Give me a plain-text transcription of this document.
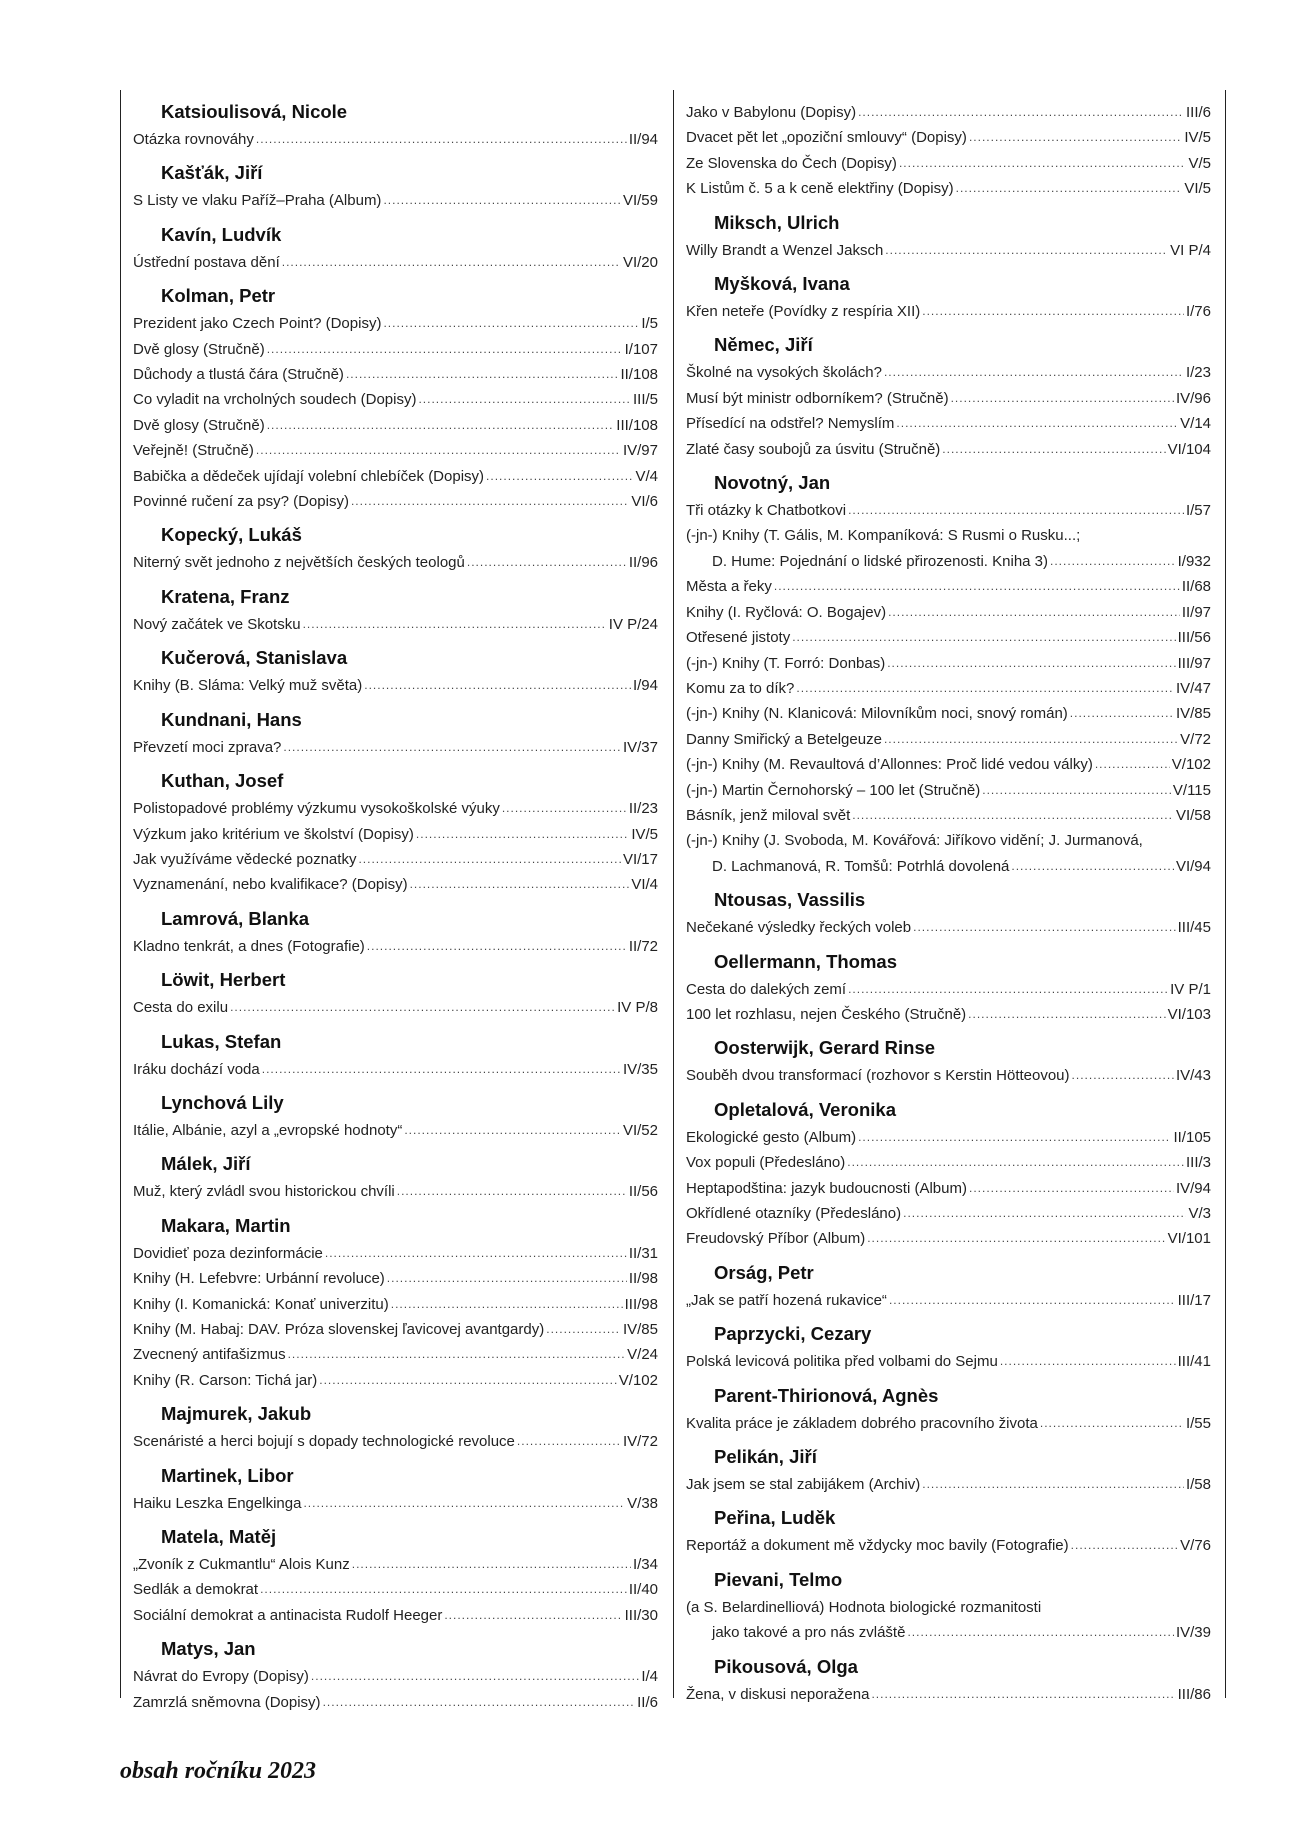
Katsioulisová, Nicole
Otázka rovnováhy .....	II/94
Kašťák, Jiří
S Listy ve vlaku Paříž–Praha (Album) .....	VI/59
Kavín, Ludvík
Ústřední postava dění .....	VI/20
Kolman, Petr
Prezident jako Czech Point? (Dopisy) .....	I/5
Dvě glosy (Stručně) .....	I/107
Důchody a tlustá čára (Stručně) .....	II/108
Co vyladit na vrcholných soudech (Dopisy) .....	III/5
Dvě glosy (Stručně) .....	III/108
Veřejně! (Stručně) .....	IV/97
Babička a dědeček ujídají volební chlebíček (Dopisy) .....	V/4
Povinné ručení za psy? (Dopisy) .....	VI/6
Kopecký, Lukáš
Niterný svět jednoho z největších českých teologů .....	II/96
Kratena, Franz
Nový začátek ve Skotsku .....	IV P/24
Kučerová, Stanislava
Knihy (B. Sláma: Velký muž světa) .....	I/94
Kundnani, Hans
Převzetí moci zprava? .....	IV/37
Kuthan, Josef
Polistopadové problémy výzkumu vysokoškolské výuky .....	II/23
Výzkum jako kritérium ve školství (Dopisy) .....	IV/5
Jak využíváme vědecké poznatky .....	VI/17
Vyznamenání, nebo kvalifikace? (Dopisy) .....	VI/4
Lamrová, Blanka
Kladno tenkrát, a dnes (Fotografie) .....	II/72
Löwit, Herbert
Cesta do exilu .....	IV P/8
Lukas, Stefan
Iráku dochází voda .....	IV/35
Lynchová Lily
Itálie, Albánie, azyl a „evropské hodnoty“ .....	VI/52
Málek, Jiří
Muž, který zvládl svou historickou chvíli .....	II/56
Makara, Martin
Dovidieť poza dezinformácie .....	II/31
Knihy (H. Lefebvre: Urbánní revoluce) .....	II/98
Knihy (I. Komanická: Konať univerzitu) .....	III/98
Knihy (M. Habaj: DAV. Próza slovenskej ľavicovej avantgardy) .....	IV/85
Zvecnený antifašizmus .....	V/24
Knihy (R. Carson: Tichá jar) .....	V/102
Majmurek, Jakub
Scenáristé a herci bojují s dopady technologické revoluce .....	IV/72
Martinek, Libor
Haiku Leszka Engelkinga .....	V/38
Matela, Matěj
„Zvoník z Cukmantlu“ Alois Kunz .....	I/34
Sedlák a demokrat .....	II/40
Sociální demokrat a antinacista Rudolf Heeger .....	III/30
Matys, Jan
Návrat do Evropy (Dopisy) .....	I/4
Zamrzlá sněmovna (Dopisy) .....	II/6
Jako v Babylonu (Dopisy) .....	III/6
Dvacet pět let „opoziční smlouvy“ (Dopisy) .....	IV/5
Ze Slovenska do Čech (Dopisy) .....	V/5
K Listům č. 5 a k ceně elektřiny (Dopisy) .....	VI/5
Miksch, Ulrich
Willy Brandt a Wenzel Jaksch .....	VI P/4
Myšková, Ivana
Křen neteře (Povídky z respíria XII) .....	I/76
Němec, Jiří
Školné na vysokých školách? .....	I/23
Musí být ministr odborníkem? (Stručně) .....	IV/96
Přísedící na odstřel? Nemyslím .....	V/14
Zlaté časy soubojů za úsvitu (Stručně) .....	VI/104
Novotný, Jan
Tři otázky k Chatbotkovi .....	I/57
(-jn-) Knihy (T. Gális, M. Kompaníková: S Rusmi o Rusku...;
D. Hume: Pojednání o lidské přirozenosti. Kniha 3) .....	I/932
Města a řeky .....	II/68
Knihy (I. Ryčlová: O. Bogajev) .....	II/97
Otřesené jistoty .....	III/56
(-jn-) Knihy (T. Forró: Donbas) .....	III/97
Komu za to dík? .....	IV/47
(-jn-) Knihy (N. Klanicová: Milovníkům noci, snový román) .....	IV/85
Danny Smiřický a Betelgeuze .....	V/72
(-jn-) Knihy (M. Revaultová d’Allonnes: Proč lidé vedou války) .....	V/102
(-jn-) Martin Černohorský – 100 let (Stručně) .....	V/115
Básník, jenž miloval svět .....	VI/58
(-jn-) Knihy (J. Svoboda, M. Kovářová: Jiříkovo vidění; J. Jurmanová,
D. Lachmanová, R. Tomšů: Potrhlá dovolená .....	VI/94
Ntousas, Vassilis
Nečekané výsledky řeckých voleb .....	III/45
Oellermann, Thomas
Cesta do dalekých zemí .....	IV P/1
100 let rozhlasu, nejen Českého (Stručně) .....	VI/103
Oosterwijk, Gerard Rinse
Souběh dvou transformací (rozhovor s Kerstin Hötteovou) .....	IV/43
Opletalová, Veronika
Ekologické gesto (Album) .....	II/105
Vox populi (Předesláno) .....	III/3
Heptapodština: jazyk budoucnosti (Album) .....	IV/94
Okřídlené otazníky (Předesláno) .....	V/3
Freudovský Příbor (Album) .....	VI/101
Orság, Petr
„Jak se patří hozená rukavice“ .....	III/17
Paprzycki, Cezary
Polská levicová politika před volbami do Sejmu .....	III/41
Parent-Thirionová, Agnès
Kvalita práce je základem dobrého pracovního života .....	I/55
Pelikán, Jiří
Jak jsem se stal zabijákem (Archiv) .....	I/58
Peřina, Luděk
Reportáž a dokument mě vždycky moc bavily (Fotografie) .....	V/76
Pievani, Telmo
(a S. Belardinelliová) Hodnota biologické rozmanitosti
jako takové a pro nás zvláště .....	IV/39
Pikousová, Olga
Žena, v diskusi neporažena .....	III/86
obsah ročníku 2023
